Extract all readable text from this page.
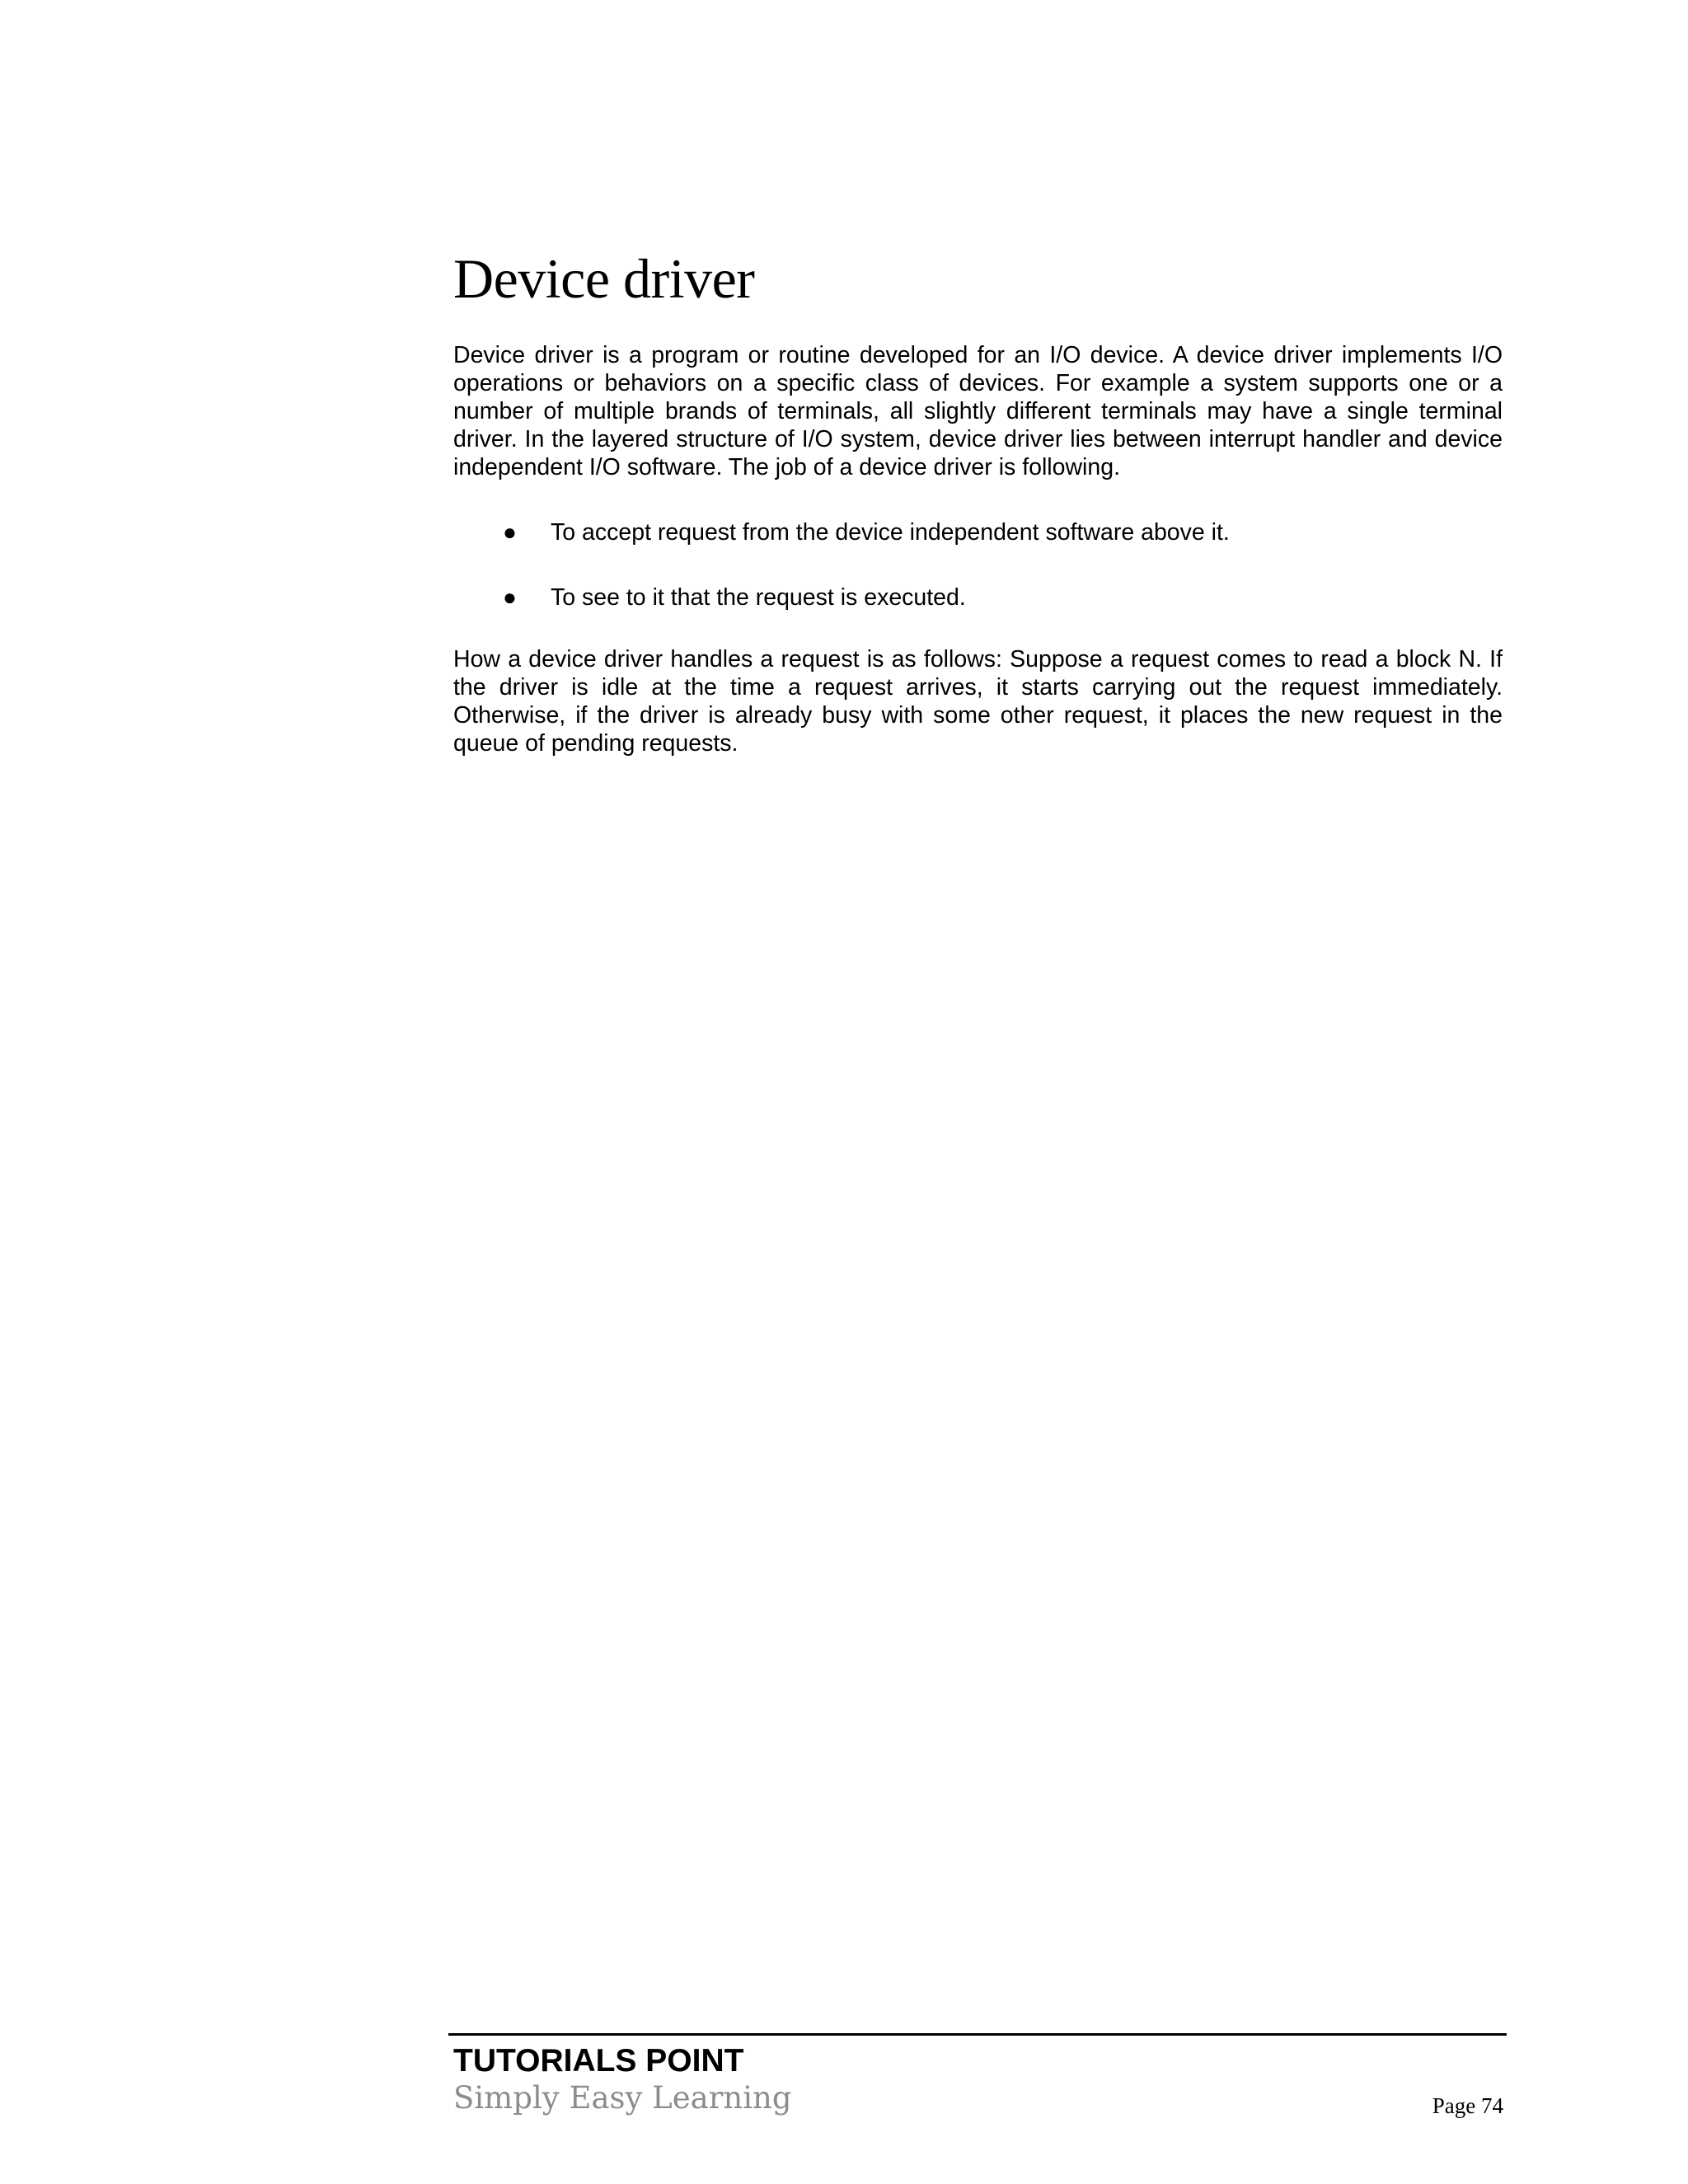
Device driver

Device driver is a program or routine developed for an I/O device. A device driver implements I/O operations or behaviors on a specific class of devices. For example a system supports one or a number of multiple brands of terminals, all slightly different terminals may have a single terminal driver. In the layered structure of I/O system, device driver lies between interrupt handler and device independent I/O software. The job of a device driver is following.

● To accept request from the device independent software above it.
● To see to it that the request is executed.

How a device driver handles a request is as follows: Suppose a request comes to read a block N. If the driver is idle at the time a request arrives, it starts carrying out the request immediately. Otherwise, if the driver is already busy with some other request, it places the new request in the queue of pending requests.

TUTORIALS POINT
Simply Easy Learning	Page 74
